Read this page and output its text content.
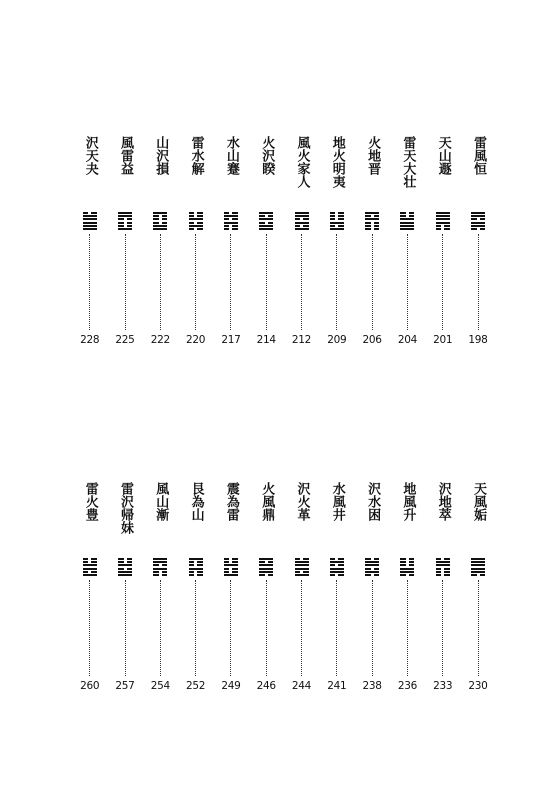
雷風恒
198
天山遯
201
雷天大壮
204
火地晋
206
地火明夷
209
風火家人
212
火沢睽
214
水山蹇
217
雷水解
220
山沢損
222
風雷益
225
沢天夬
228
天風姤
230
沢地萃
233
地風升
236
沢水困
238
水風井
241
沢火革
244
火風鼎
246
震為雷
249
艮為山
252
風山漸
254
雷沢帰妹
257
雷火豊
260
